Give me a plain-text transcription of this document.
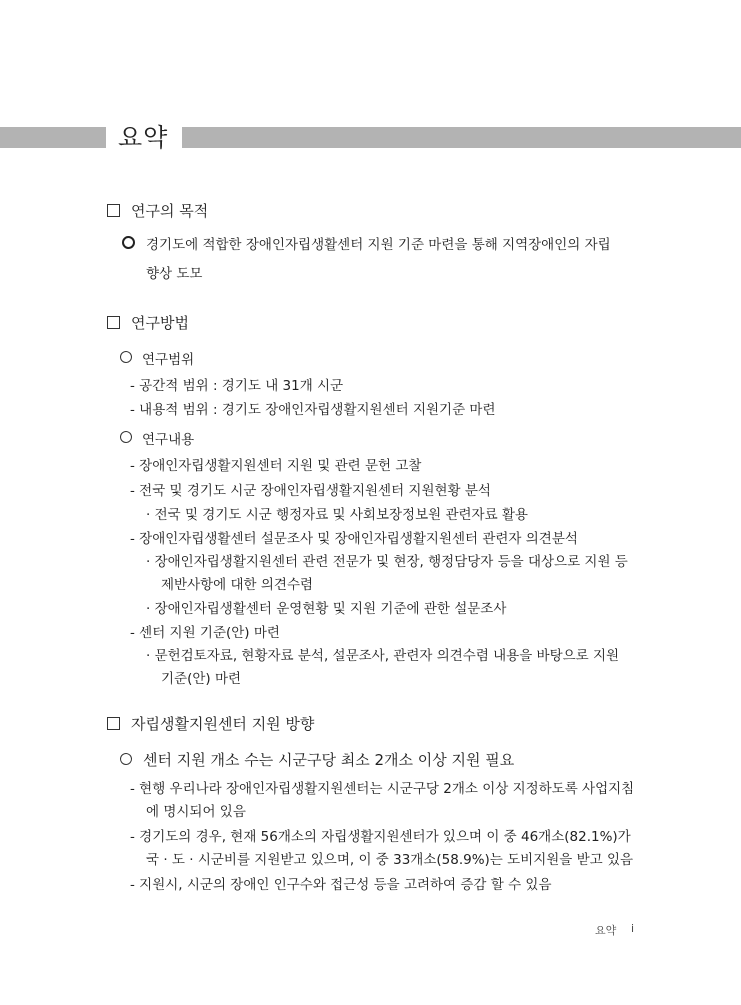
요약
연구의 목적
경기도에 적합한 장애인자립생활센터 지원 기준 마련을 통해 지역장애인의 자립
향상 도모
연구방법
연구범위
- 공간적 범위 : 경기도 내 31개 시군
- 내용적 범위 : 경기도 장애인자립생활지원센터 지원기준 마련
연구내용
- 장애인자립생활지원센터 지원 및 관련 문헌 고찰
- 전국 및 경기도 시군 장애인자립생활지원센터 지원현황 분석
· 전국 및 경기도 시군 행정자료 및 사회보장정보원 관련자료 활용
- 장애인자립생활센터 설문조사 및 장애인자립생활지원센터 관련자 의견분석
· 장애인자립생활지원센터 관련 전문가 및 현장, 행정담당자 등을 대상으로 지원 등
제반사항에 대한 의견수렴
· 장애인자립생활센터 운영현황 및 지원 기준에 관한 설문조사
- 센터 지원 기준(안) 마련
· 문헌검토자료, 현황자료 분석, 설문조사, 관련자 의견수렴 내용을 바탕으로 지원
기준(안) 마련
자립생활지원센터 지원 방향
센터 지원 개소 수는 시군구당 최소 2개소 이상 지원 필요
- 현행 우리나라 장애인자립생활지원센터는 시군구당 2개소 이상 지정하도록 사업지침
에 명시되어 있음
- 경기도의 경우, 현재 56개소의 자립생활지원센터가 있으며 이 중 46개소(82.1%)가
국 · 도 · 시군비를 지원받고 있으며, 이 중 33개소(58.9%)는 도비지원을 받고 있음
- 지원시, 시군의 장애인 인구수와 접근성 등을 고려하여 증감 할 수 있음
요약 i
